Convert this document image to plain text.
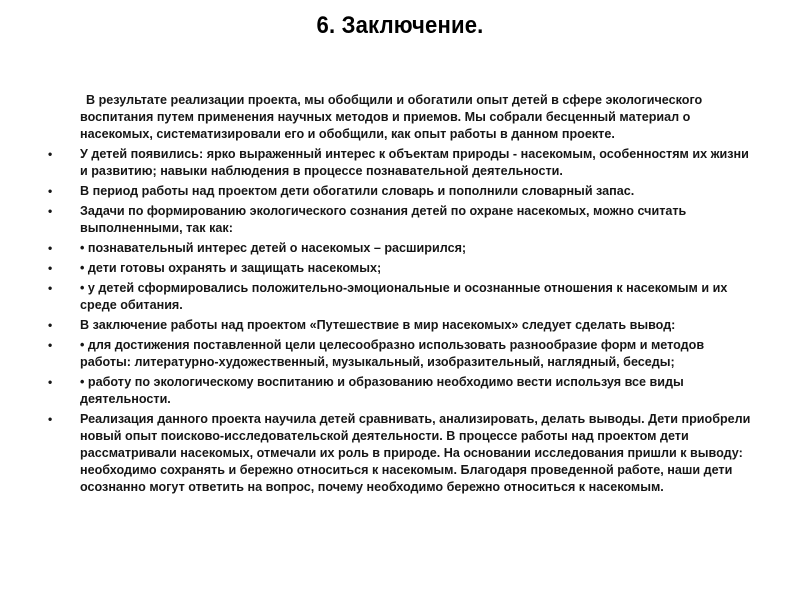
6. Заключение.
В результате реализации проекта, мы обобщили и обогатили опыт детей в сфере экологического воспитания путем применения научных методов и приемов. Мы собрали бесценный материал о насекомых, систематизировали его и обобщили, как опыт работы в данном проекте.
•	У детей появились: ярко выраженный интерес к объектам природы - насекомым, особенностям их жизни и развитию; навыки наблюдения в процессе познавательной деятельности.
•	В период работы над проектом дети обогатили словарь и пополнили словарный запас.
•	Задачи по формированию экологического сознания детей по охране насекомых, можно считать выполненными, так как:
•	• познавательный интерес детей о насекомых – расширился;
•	• дети готовы охранять и защищать насекомых;
•	• у детей сформировались положительно-эмоциональные и осознанные отношения к насекомым и их среде обитания.
•	В заключение работы над проектом «Путешествие в мир насекомых» следует сделать вывод:
•	• для достижения поставленной цели целесообразно использовать разнообразие форм и методов работы: литературно-художественный, музыкальный, изобразительный, наглядный, беседы;
•	• работу по экологическому воспитанию и образованию необходимо вести используя все виды деятельности.
•	Реализация данного проекта научила детей сравнивать, анализировать, делать выводы. Дети приобрели новый опыт поисково-исследовательской деятельности. В процессе работы над проектом дети рассматривали насекомых, отмечали их роль в природе. На основании исследования пришли к выводу: необходимо сохранять и бережно относиться к насекомым. Благодаря проведенной работе, наши дети осознанно могут ответить на вопрос, почему необходимо бережно относиться к насекомым.
